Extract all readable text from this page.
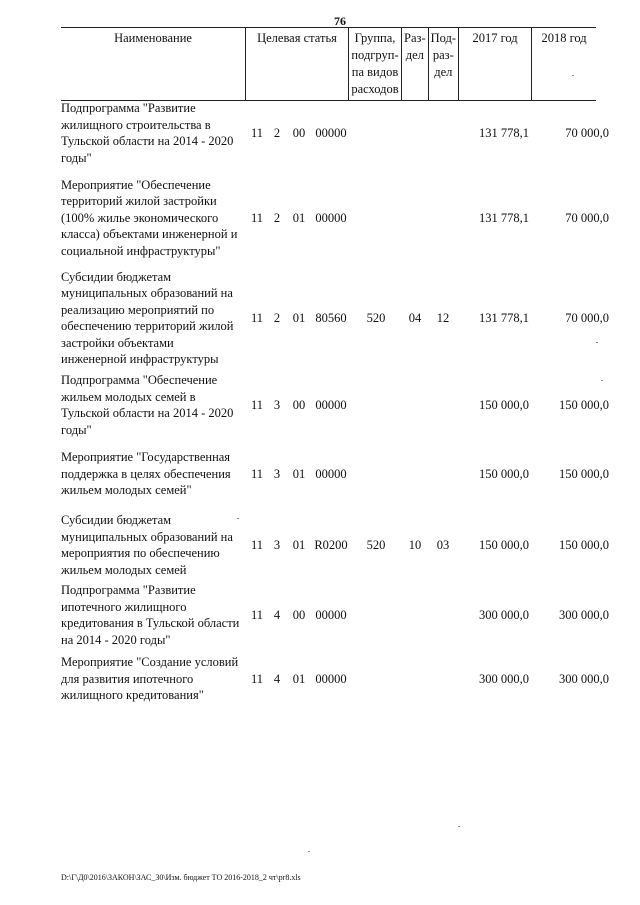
76
Наименование	Целевая статья	Группа, подгруп-па видов расходов	Раз-дел	Под-раз-дел	2017 год	2018 год
Подпрограмма "Развитие жилищного строительства в Тульской области на 2014 - 2020 годы"	11	2	00	00000				131 778,1	70 000,0
Мероприятие "Обеспечение территорий жилой застройки (100% жилье экономического класса) объектами инженерной и социальной инфраструктуры"	11	2	01	00000				131 778,1	70 000,0
Субсидии бюджетам муниципальных образований на реализацию мероприятий по обеспечению территорий жилой застройки объектами инженерной инфраструктуры	11	2	01	80560	520	04	12	131 778,1	70 000,0
Подпрограмма "Обеспечение жильем молодых семей в Тульской области на 2014 - 2020 годы"	11	3	00	00000				150 000,0	150 000,0
Мероприятие "Государственная поддержка в целях обеспечения жильем молодых семей"	11	3	01	00000				150 000,0	150 000,0
Субсидии бюджетам муниципальных образований на мероприятия по обеспечению жильем молодых семей	11	3	01	R0200	520	10	03	150 000,0	150 000,0
Подпрограмма "Развитие ипотечного жилищного кредитования в Тульской области на 2014 - 2020 годы"	11	4	00	00000				300 000,0	300 000,0
Мероприятие "Создание условий для развития ипотечного жилищного кредитования"	11	4	01	00000				300 000,0	300 000,0
D:\Г\Д0\2016\ЗАКОН\ЗАС_30\Изм. бюджет ТО 2016-2018_2 чт\pr8.xls
